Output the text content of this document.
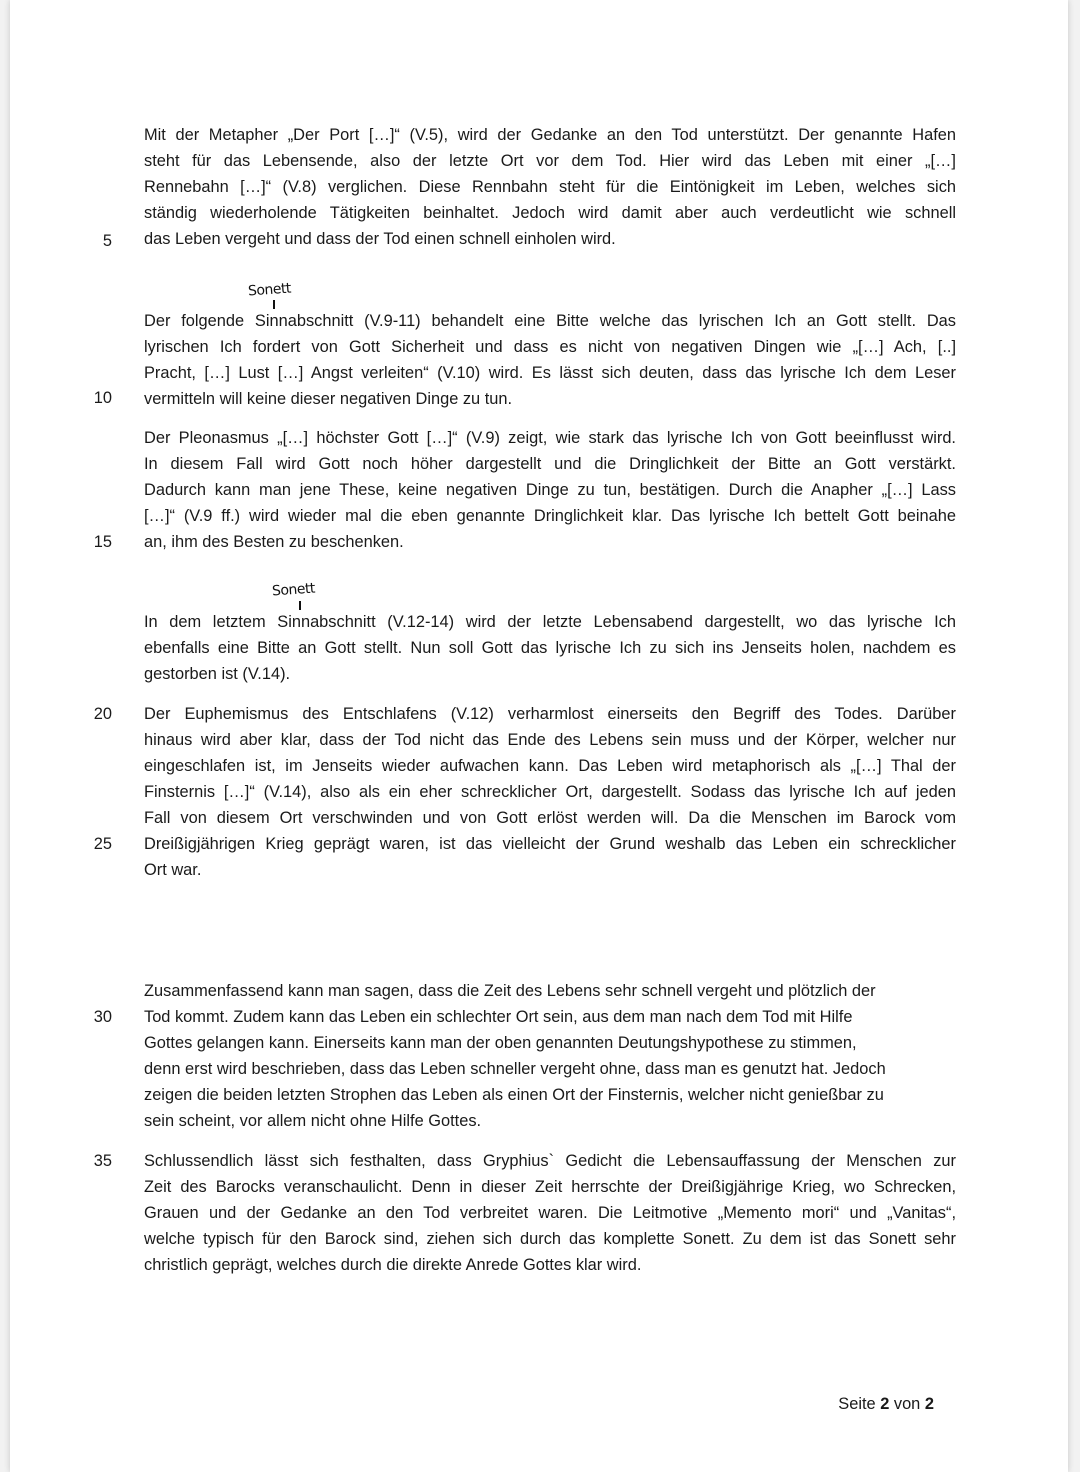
Mit der Metapher „Der Port […]“ (V.5), wird der Gedanke an den Tod unterstützt. Der genannte Hafen
steht für das Lebensende, also der letzte Ort vor dem Tod. Hier wird das Leben mit einer „[…]
Rennebahn […]“ (V.8) verglichen. Diese Rennbahn steht für die Eintönigkeit im Leben, welches sich
ständig wiederholende Tätigkeiten beinhaltet. Jedoch wird damit aber auch verdeutlicht wie schnell
das Leben vergeht und dass der Tod einen schnell einholen wird.
Sonett
Der folgende Sinnabschnitt (V.9-11) behandelt eine Bitte welche das lyrischen Ich an Gott stellt. Das
lyrischen Ich fordert von Gott Sicherheit und dass es nicht von negativen Dingen wie „[…] Ach, [..]
Pracht, […] Lust […] Angst verleiten“ (V.10) wird. Es lässt sich deuten, dass das lyrische Ich dem Leser
vermitteln will keine dieser negativen Dinge zu tun.
Der Pleonasmus „[…] höchster Gott […]“ (V.9) zeigt, wie stark das lyrische Ich von Gott beeinflusst wird.
In diesem Fall wird Gott noch höher dargestellt und die Dringlichkeit der Bitte an Gott verstärkt.
Dadurch kann man jene These, keine negativen Dinge zu tun, bestätigen. Durch die Anapher „[…] Lass
[…]“ (V.9 ff.) wird wieder mal die eben genannte Dringlichkeit klar. Das lyrische Ich bettelt Gott beinahe
an, ihm des Besten zu beschenken.
Sonett
In dem letztem Sinnabschnitt (V.12-14) wird der letzte Lebensabend dargestellt, wo das lyrische Ich
ebenfalls eine Bitte an Gott stellt. Nun soll Gott das lyrische Ich zu sich ins Jenseits holen, nachdem es
gestorben ist (V.14).
Der Euphemismus des Entschlafens (V.12) verharmlost einerseits den Begriff des Todes. Darüber
hinaus wird aber klar, dass der Tod nicht das Ende des Lebens sein muss und der Körper, welcher nur
eingeschlafen ist, im Jenseits wieder aufwachen kann. Das Leben wird metaphorisch als „[…] Thal der
Finsternis […]“ (V.14), also als ein eher schrecklicher Ort, dargestellt. Sodass das lyrische Ich auf jeden
Fall von diesem Ort verschwinden und von Gott erlöst werden will. Da die Menschen im Barock vom
Dreißigjährigen Krieg geprägt waren, ist das vielleicht der Grund weshalb das Leben ein schrecklicher
Ort war.
Zusammenfassend kann man sagen, dass die Zeit des Lebens sehr schnell vergeht und plötzlich der
Tod kommt. Zudem kann das Leben ein schlechter Ort sein, aus dem man nach dem Tod mit Hilfe
Gottes gelangen kann. Einerseits kann man der oben genannten Deutungshypothese zu stimmen,
denn erst wird beschrieben, dass das Leben schneller vergeht ohne, dass man es genutzt hat. Jedoch
zeigen die beiden letzten Strophen das Leben als einen Ort der Finsternis, welcher nicht genießbar zu
sein scheint, vor allem nicht ohne Hilfe Gottes.
Schlussendlich lässt sich festhalten, dass Gryphius` Gedicht die Lebensauffassung der Menschen zur
Zeit des Barocks veranschaulicht. Denn in dieser Zeit herrschte der Dreißigjährige Krieg, wo Schrecken,
Grauen und der Gedanke an den Tod verbreitet waren. Die Leitmotive „Memento mori“ und „Vanitas“,
welche typisch für den Barock sind, ziehen sich durch das komplette Sonett. Zu dem ist das Sonett sehr
christlich geprägt, welches durch die direkte Anrede Gottes klar wird.
5
10
15
20
25
30
35
Seite 2 von 2
